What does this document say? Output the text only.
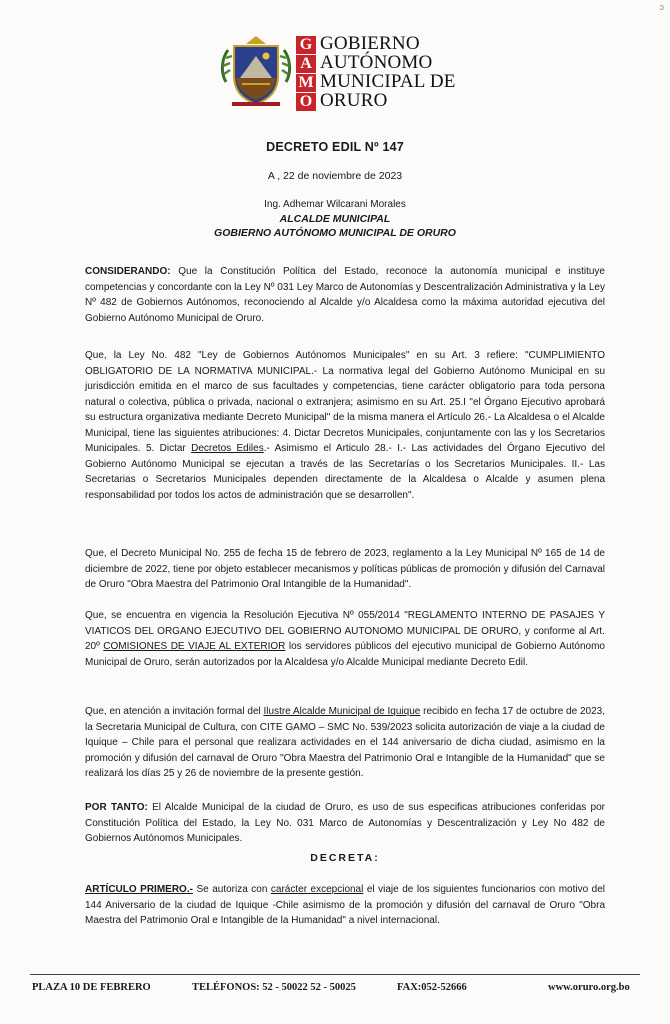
ↄ
G
A
M
O
GOBIERNO
AUTÓNOMO
MUNICIPAL DE
ORURO
DECRETO EDIL Nº 147
A , 22 de noviembre de 2023
Ing. Adhemar Wilcarani Morales
ALCALDE MUNICIPAL
GOBIERNO AUTÓNOMO MUNICIPAL DE ORURO

CONSIDERANDO: Que la Constitución Política del Estado, reconoce la autonomía municipal e instituye competencias y concordante con la Ley Nº 031 Ley Marco de Autonomías y Descentralización Administrativa y la Ley Nº 482 de Gobiernos Autónomos, reconociendo al Alcalde y/o Alcaldesa como la máxima autoridad ejecutiva del Gobierno Autónomo Municipal de Oruro.

Que, la Ley No. 482 "Ley de Gobiernos Autónomos Municipales" en su Art. 3 refiere: "CUMPLIMIENTO OBLIGATORIO DE LA NORMATIVA MUNICIPAL.- La normativa legal del Gobierno Autónomo Municipal en su jurisdicción emitida en el marco de sus facultades y competencias, tiene carácter obligatorio para toda persona natural o colectiva, pública o privada, nacional o extranjera; asimismo en su Art. 25.I "el Órgano Ejecutivo aprobará su estructura organizativa mediante Decreto Municipal" de la misma manera el Artículo 26.- La Alcaldesa o el Alcalde Municipal, tiene las siguientes atribuciones: 4. Dictar Decretos Municipales, conjuntamente con las y los Secretarios Municipales. 5. Dictar Decretos Ediles.- Asimismo el Articulo 28.- I.- Las actividades del Órgano Ejecutivo del Gobierno Autónomo Municipal se ejecutan a través de las Secretarías o los Secretarios Municipales. II.- Las Secretarias o Secretarios Municipales dependen directamente de la Alcaldesa o Alcalde y asumen plena responsabilidad por todos los actos de administración que se desarrollen".

Que, el Decreto Municipal No. 255 de fecha 15 de febrero de 2023, reglamento a la Ley Municipal Nº 165 de 14 de diciembre de 2022, tiene por objeto establecer mecanismos y políticas públicas de promoción y difusión del Carnaval de Oruro "Obra Maestra del Patrimonio Oral Intangible de la Humanidad".

Que, se encuentra en vigencia la Resolución Ejecutiva Nº 055/2014 "REGLAMENTO INTERNO DE PASAJES Y VIATICOS DEL ORGANO EJECUTIVO DEL GOBIERNO AUTONOMO MUNICIPAL DE ORURO, y conforme al Art. 20º COMISIONES DE VIAJE AL EXTERIOR los servidores públicos del ejecutivo municipal de Gobierno Autónomo Municipal de Oruro, serán autorizados por la Alcaldesa y/o Alcalde Municipal mediante Decreto Edil.

Que, en atención a invitación formal del Ilustre Alcalde Municipal de Iquique recibido en fecha 17 de octubre de 2023, la Secretaria Municipal de Cultura, con CITE GAMO – SMC No. 539/2023 solicita autorización de viaje a la ciudad de Iquique – Chile para el personal que realizara actividades en el 144 aniversario de dicha ciudad, asimismo en la promoción y difusión del carnaval de Oruro "Obra Maestra del Patrimonio Oral e Intangible de la Humanidad" que se realizará los días 25 y 26 de noviembre de la presente gestión.

POR TANTO: El Alcalde Municipal de la ciudad de Oruro, es uso de sus especificas atribuciones conferidas por Constitución Política del Estado, la Ley No. 031 Marco de Autonomías y Descentralización y Ley No 482 de Gobiernos Autónomos Municipales.

DECRETA:

ARTÍCULO PRIMERO.- Se autoriza con carácter excepcional el viaje de los siguientes funcionarios con motivo del 144 Aniversario de la ciudad de Iquique -Chile asimismo de la promoción y difusión del carnaval de Oruro "Obra Maestra del Patrimonio Oral e Intangible de la Humanidad" a nivel internacional.

PLAZA 10 DE FEBRERO	TELÉFONOS: 52 - 50022 52 - 50025	FAX:052-52666	www.oruro.org.bo
